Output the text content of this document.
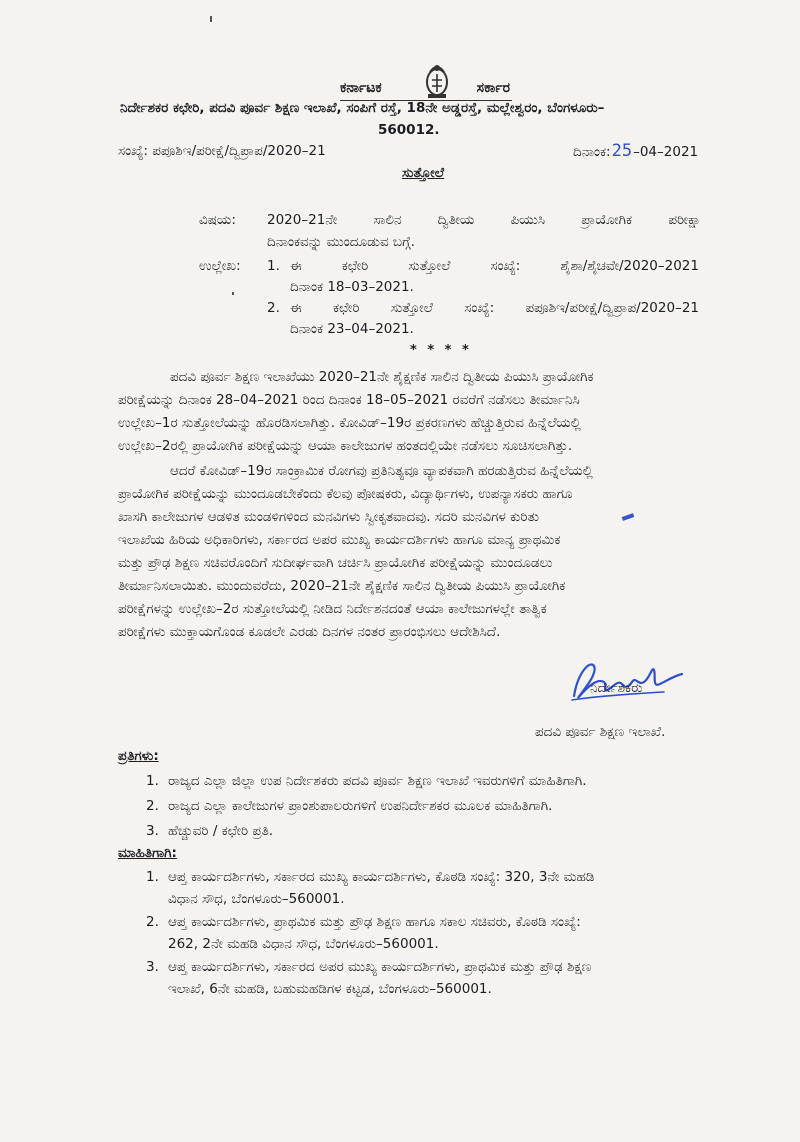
ಕರ್ನಾಟಕ	ಸರ್ಕಾರ
ನಿರ್ದೇಶಕರ ಕಛೇರಿ, ಪದವಿ ಪೂರ್ವ ಶಿಕ್ಷಣ ಇಲಾಖೆ, ಸಂಪಿಗೆ ರಸ್ತೆ, 18ನೇ ಅಡ್ಡರಸ್ತೆ, ಮಲ್ಲೇಶ್ವರಂ, ಬೆಂಗಳೂರು–
560012.
ಸಂಖ್ಯೆ: ಪಪೂಶಿಇ/ಪರೀಕ್ಷೆ/ದ್ವಿಪ್ರಾಪ/2020–21	ದಿನಾಂಕ: 25 –04–2021
ಸುತ್ತೋಲೆ
ವಿಷಯ: 2020–21ನೇ	ಸಾಲಿನ	ದ್ವಿತೀಯ	ಪಿಯುಸಿ	ಪ್ರಾಯೋಗಿಕ	ಪರೀಕ್ಷಾ
ದಿನಾಂಕವನ್ನು ಮುಂದೂಡುವ ಬಗ್ಗೆ.
ಉಲ್ಲೇಖ: 1. ಈ	ಕಛೇರಿ	ಸುತ್ತೋಲೆ	ಸಂಖ್ಯೆ:	ಶೈಶಾ/ಶೈಚವೇ/2020–2021
ದಿನಾಂಕ 18–03–2021.
2. ಈ ಕಛೇರಿ ಸುತ್ತೋಲೆ ಸಂಖ್ಯೆ: ಪಪೂಶಿಇ/ಪರೀಕ್ಷೆ/ದ್ವಿಪ್ರಾಪ/2020–21
ದಿನಾಂಕ 23–04–2021.
* * * *
ಪದವಿ ಪೂರ್ವ ಶಿಕ್ಷಣ ಇಲಾಖೆಯು 2020–21ನೇ ಶೈಕ್ಷಣಿಕ ಸಾಲಿನ ದ್ವಿತೀಯ ಪಿಯುಸಿ ಪ್ರಾಯೋಗಿಕ
ಪರೀಕ್ಷೆಯನ್ನು ದಿನಾಂಕ 28–04–2021 ರಿಂದ ದಿನಾಂಕ 18–05–2021 ರವರೆಗೆ ನಡೆಸಲು ತೀರ್ಮಾನಿಸಿ
ಉಲ್ಲೇಖ–1ರ ಸುತ್ತೋಲೆಯನ್ನು ಹೊರಡಿಸಲಾಗಿತ್ತು. ಕೋವಿಡ್–19ರ ಪ್ರಕರಣಗಳು ಹೆಚ್ಚುತ್ತಿರುವ ಹಿನ್ನೆಲೆಯಲ್ಲಿ
ಉಲ್ಲೇಖ–2ರಲ್ಲಿ ಪ್ರಾಯೋಗಿಕ ಪರೀಕ್ಷೆಯನ್ನು ಆಯಾ ಕಾಲೇಜುಗಳ ಹಂತದಲ್ಲಿಯೇ ನಡೆಸಲು ಸೂಚಿಸಲಾಗಿತ್ತು.
ಆದರೆ ಕೋವಿಡ್–19ರ ಸಾಂಕ್ರಾಮಿಕ ರೋಗವು ಪ್ರತಿನಿತ್ಯವೂ ವ್ಯಾಪಕವಾಗಿ ಹರಡುತ್ತಿರುವ ಹಿನ್ನೆಲೆಯಲ್ಲಿ
ಪ್ರಾಯೋಗಿಕ ಪರೀಕ್ಷೆಯನ್ನು ಮುಂದೂಡಬೇಕೆಂದು ಕೆಲವು ಪೋಷಕರು, ವಿದ್ಯಾರ್ಥಿಗಳು, ಉಪನ್ಯಾಸಕರು ಹಾಗೂ
ಖಾಸಗಿ ಕಾಲೇಜುಗಳ ಆಡಳಿತ ಮಂಡಳಿಗಳಿಂದ ಮನವಿಗಳು ಸ್ವೀಕೃತವಾದವು. ಸದರಿ ಮನವಿಗಳ ಕುರಿತು
ಇಲಾಖೆಯ ಹಿರಿಯ ಅಧಿಕಾರಿಗಳು, ಸರ್ಕಾರದ ಅಪರ ಮುಖ್ಯ ಕಾರ್ಯದರ್ಶಿಗಳು ಹಾಗೂ ಮಾನ್ಯ ಪ್ರಾಥಮಿಕ
ಮತ್ತು ಪ್ರೌಢ ಶಿಕ್ಷಣ ಸಚಿವರೊಂದಿಗೆ ಸುದೀರ್ಘವಾಗಿ ಚರ್ಚಿಸಿ ಪ್ರಾಯೋಗಿಕ ಪರೀಕ್ಷೆಯನ್ನು ಮುಂದೂಡಲು
ತೀರ್ಮಾನಿಸಲಾಯಿತು. ಮುಂದುವರೆದು, 2020–21ನೇ ಶೈಕ್ಷಣಿಕ ಸಾಲಿನ ದ್ವಿತೀಯ ಪಿಯುಸಿ ಪ್ರಾಯೋಗಿಕ
ಪರೀಕ್ಷೆಗಳನ್ನು ಉಲ್ಲೇಖ–2ರ ಸುತ್ತೋಲೆಯಲ್ಲಿ ನೀಡಿದ ನಿರ್ದೇಶನದಂತೆ ಆಯಾ ಕಾಲೇಜುಗಳಲ್ಲೇ ತಾತ್ವಿಕ
ಪರೀಕ್ಷೆಗಳು ಮುಕ್ತಾಯಗೊಂಡ ಕೂಡಲೇ ಎರಡು ದಿನಗಳ ನಂತರ ಪ್ರಾರಂಭಿಸಲು ಆದೇಶಿಸಿದೆ.
ನಿರ್ದೇಶಕರು
ಪದವಿ ಪೂರ್ವ ಶಿಕ್ಷಣ ಇಲಾಖೆ.
ಪ್ರತಿಗಳು:
1. ರಾಜ್ಯದ ಎಲ್ಲಾ ಜಿಲ್ಲಾ ಉಪ ನಿರ್ದೇಶಕರು ಪದವಿ ಪೂರ್ವ ಶಿಕ್ಷಣ ಇಲಾಖೆ ಇವರುಗಳಿಗೆ ಮಾಹಿತಿಗಾಗಿ.
2. ರಾಜ್ಯದ ಎಲ್ಲಾ ಕಾಲೇಜುಗಳ ಪ್ರಾಂಶುಪಾಲರುಗಳಿಗೆ ಉಪನಿರ್ದೇಶಕರ ಮೂಲಕ ಮಾಹಿತಿಗಾಗಿ.
3. ಹೆಚ್ಚುವರಿ / ಕಛೇರಿ ಪ್ರತಿ.
ಮಾಹಿತಿಗಾಗಿ:
1. ಆಪ್ತ ಕಾರ್ಯದರ್ಶಿಗಳು, ಸರ್ಕಾರದ ಮುಖ್ಯ ಕಾರ್ಯದರ್ಶಿಗಳು, ಕೊಠಡಿ ಸಂಖ್ಯೆ: 320, 3ನೇ ಮಹಡಿ
ವಿಧಾನ ಸೌಧ, ಬೆಂಗಳೂರು–560001.
2. ಆಪ್ತ ಕಾರ್ಯದರ್ಶಿಗಳು, ಪ್ರಾಥಮಿಕ ಮತ್ತು ಪ್ರೌಢ ಶಿಕ್ಷಣ ಹಾಗೂ ಸಕಾಲ ಸಚಿವರು, ಕೊಠಡಿ ಸಂಖ್ಯೆ:
262, 2ನೇ ಮಹಡಿ ವಿಧಾನ ಸೌಧ, ಬೆಂಗಳೂರು–560001.
3. ಆಪ್ತ ಕಾರ್ಯದರ್ಶಿಗಳು, ಸರ್ಕಾರದ ಅಪರ ಮುಖ್ಯ ಕಾರ್ಯದರ್ಶಿಗಳು, ಪ್ರಾಥಮಿಕ ಮತ್ತು ಪ್ರೌಢ ಶಿಕ್ಷಣ
ಇಲಾಖೆ, 6ನೇ ಮಹಡಿ, ಬಹುಮಹಡಿಗಳ ಕಟ್ಟಡ, ಬೆಂಗಳೂರು–560001.
